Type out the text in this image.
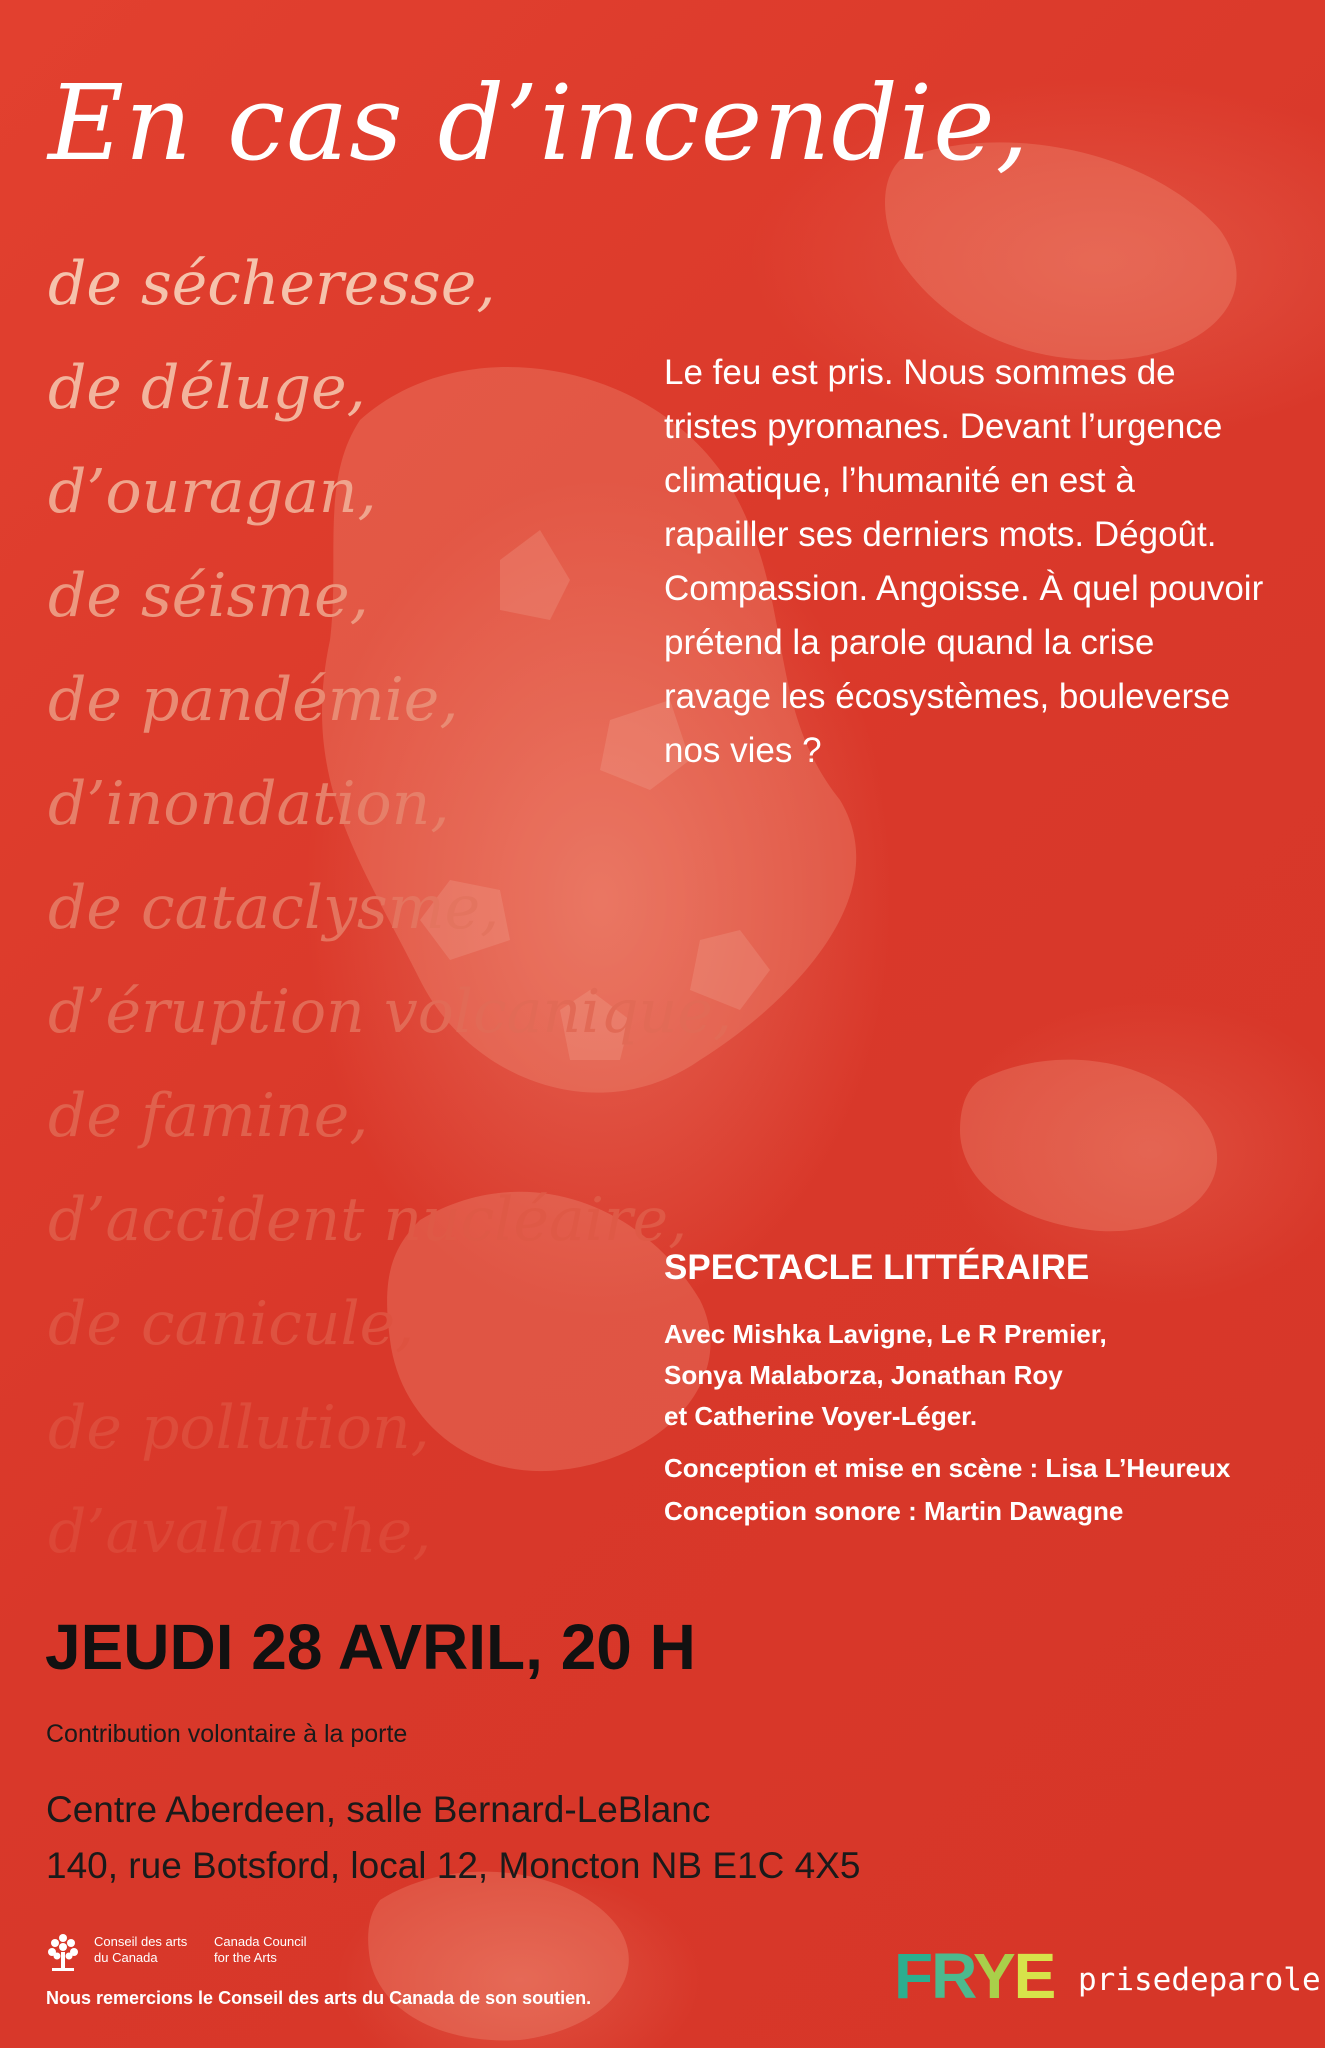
En cas d’incendie,
de sécheresse,
de déluge,
d’ouragan,
de séisme,
de pandémie,
d’inondation,
de cataclysme,
d’éruption volcanique,
de famine,
d’accident nucléaire,
de canicule,
de pollution,
d’avalanche,

Le feu est pris. Nous sommes de tristes pyromanes. Devant l’urgence climatique, l’humanité en est à rapailler ses derniers mots. Dégoût. Compassion. Angoisse. À quel pouvoir prétend la parole quand la crise ravage les écosystèmes, bouleverse nos vies ?

SPECTACLE LITTÉRAIRE
Avec Mishka Lavigne, Le R Premier,
Sonya Malaborza, Jonathan Roy
et Catherine Voyer-Léger.
Conception et mise en scène : Lisa L’Heureux
Conception sonore : Martin Dawagne
JEUDI 28 AVRIL, 20 H
Contribution volontaire à la porte
Centre Aberdeen, salle Bernard-LeBlanc
140, rue Botsford, local 12, Moncton NB E1C 4X5
Conseil des arts
du Canada
Canada Council
for the Arts
Nous remercions le Conseil des arts du Canada de son soutien.	FRYE prisedeparole
